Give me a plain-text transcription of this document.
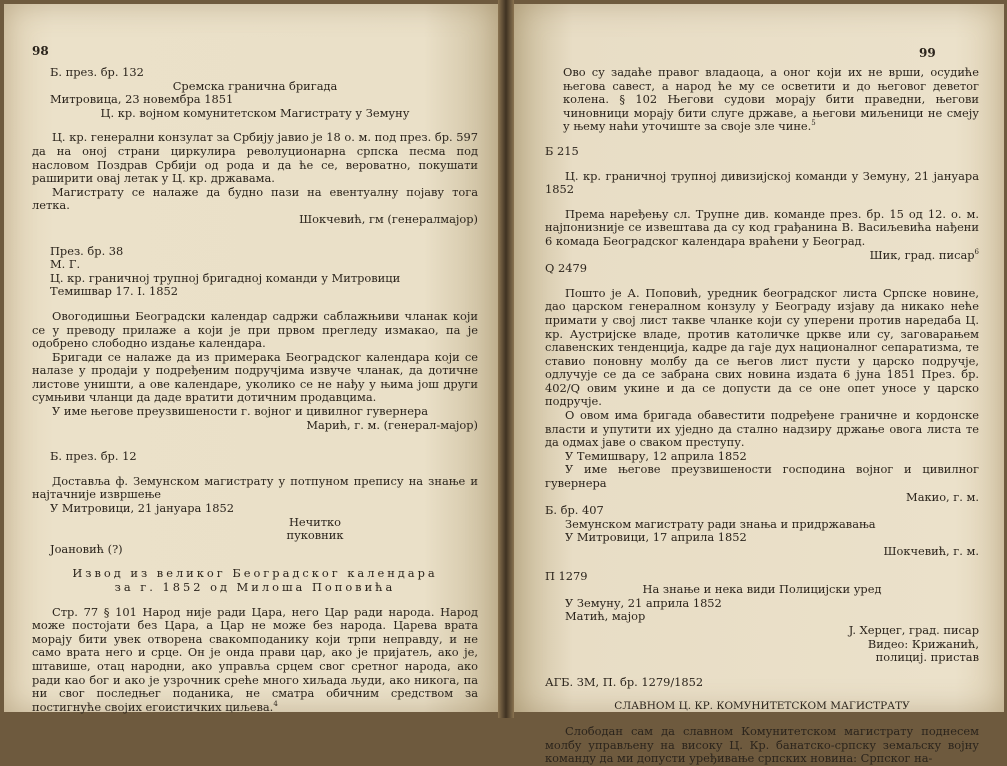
98

Б. през. бр. 132

Сремска гранична бригада

Митровица, 23 новембра 1851

Ц. кр. војном комунитетском Магистрату у Земуну

Ц. кр. генерални конзулат за Србију јавио је 18 о. м. под през. бр. 597 да на оној страни циркулира револуционарна српска песма под насловом Поздрав Србији од рода и да ће се, вероватно, покушати раширити овај летак у Ц. кр. државама.

Магистрату се налаже да будно пази на евентуалну појаву тога летка.

Шокчевић, гм (генералмајор)

През. бр. 38

М. Г.

Ц. кр. граничној трупној бригадној команди у Митровици

Темишвар 17. I. 1852

Овогодишњи Београдски календар садржи саблажњиви чланак који се у преводу прилаже а који је при првом прегледу измакао, па је одобрено слободно издање календара.

Бригади се налаже да из примерака Београдског календара који се налазе у продаји у подређеним подручјима извуче чланак, да дотичне листове уништи, а ове календаре, уколико се не нађу у њима још други сумњиви чланци да даде вратити дотичним продавцима.

У име његове преузвишености г. војног и цивилног гувернера

Марић, г. м. (генерал-мајор)

Б. през. бр. 12

Достављa ф. Земунском магистрату у потпуном препису на знање и најтачније извршење

У Митровици, 21 јануара 1852

Нечитко

пуковник

Јоановић (?)

Извод из великог Београдског календара

за г. 1852 од Милоша Поповића

Стр. 77 § 101 Народ није ради Цара, него Цар ради народа. Народ може постојати без Цара, а Цар не може без народа. Царева врата морају бити увек отворена свакомподанику који трпи неправду, и не само врата него и срце. Он је онда прави цар, ако је пријатељ, ако је, штавише, отац народни, ако управља срцем свог сретног народа, ако ради као бог и ако је узрочник среће много хиљада људи, ако никога, па ни свог последњег поданика, не сматра обичним средством за постигнуће својих егоистичких циљева.$^4$

99

Ово су задаће правог владаоца, а оног који их не врши, осудиће његова савест, а народ ће му се осветити и до његовог деветог колена. § 102 Његови судови морају бити праведни, његови чиновници морају бити слуге државе, а његови миљеници не смеју у њему наћи уточиште за своје зле чине.$^5$

Б 215

Ц. кр. граничној трупној дивизијској команди у Земуну, 21 јануара 1852

Према наређењу сл. Трупне див. команде през. бр. 15 од 12. о. м. најпонизније се извештава да су код грађанина В. Васиљевића нађени 6 комада Београдског календара враћени у Београд.

Шик, град. писар$^6$

Q 2479

Пошто је А. Поповић, уредник београдског листа Српске новине, дао царском генералном конзулу у Београду изјаву да никако неће примати у свој лист такве чланке који су уперени против наредаба Ц. кр. Аустријске владе, против католичке цркве или су, заговарањем славенских тенденција, кадре да гаје дух националног сепаратизма, те ставио поновну молбу да се његов лист пусти у царско подручје, одлучује се да се забрана свих новина издата 6 јуна 1851 През. бр. 402/Q овим укине и да се допусти да се оне опет уносе у царско подручје.

О овом има бригада обавестити подређене граничне и кордонске власти и упутити их уједно да стално надзиру држање овога листа те да одмах јаве о сваком преступу.

У Темишвару, 12 априла 1852

У име његове преузвишености господина војног и цивилног гувернера

Макио, г. м.

Б. бр. 407

Земунском магистрату ради знања и придржавања

У Митровици, 17 априла 1852

Шокчевић, г. м.

П 1279

На знање и нека види Полицијски уред

У Земуну, 21 априла 1852

Матић, мајор

J. Херцег, град. писар

Видео: Крижанић,

полициј. пристав

АГБ. ЗМ, П. бр. 1279/1852

СЛАВНОМ Ц. КР. КОМУНИТЕТСКОМ МАГИСТРАТУ

Слободан сам да славном Комунитетском магистрату поднесем молбу управљену на високу Ц. Кр. банатско-српску земаљску војну команду да ми допусти уређивање српских новина: Српског на-
